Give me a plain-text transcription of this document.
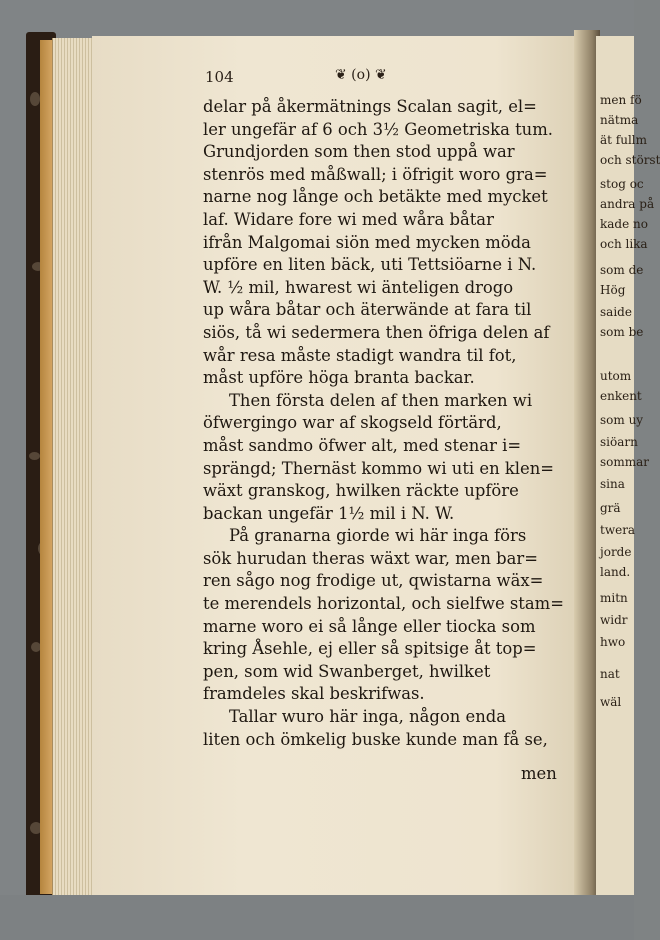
men fö
nätma
ät fullm
och störst
stog oc
andra på
kade no
och lika
som de
Hög
saide
som be
utom
enkent
som uy
siöarn
sommar
sina
grä
twera
jorde
land.
mitn
widr
hwo
nat
wäl
104	❦ (o) ❦
delar på åkermätnings Scalan sagit, el=
ler ungefär af 6 och 3½ Geometriska tum.
Grundjorden som then stod uppå war
stenrös med måßwall; i öfrigit woro gra=
narne nog långe och betäkte med mycket
laf. Widare fore wi med wåra båtar
ifrån Malgomai siön med mycken möda
upföre en liten bäck, uti Tettsiöarne i N.
W. ½ mil, hwarest wi änteligen drogo
up wåra båtar och äterwände at fara til
siös, tå wi sedermera then öfriga delen af
wår resa måste stadigt wandra til fot,
måst upföre höga branta backar.
Then första delen af then marken wi
öfwergingo war af skogseld förtärd,
måst sandmo öfwer alt, med stenar i=
sprängd; Thernäst kommo wi uti en klen=
wäxt granskog, hwilken räckte upföre
backan ungefär 1½ mil i N. W.
På granarna giorde wi här inga förs
sök hurudan theras wäxt war, men bar=
ren sågo nog frodige ut, qwistarna wäx=
te merendels horizontal, och sielfwe stam=
marne woro ei så långe eller tiocka som
kring Åsehle, ej eller så spitsige åt top=
pen, som wid Swanberget, hwilket
framdeles skal beskrifwas.
Tallar wuro här inga, någon enda
liten och ömkelig buske kunde man få se,
men
